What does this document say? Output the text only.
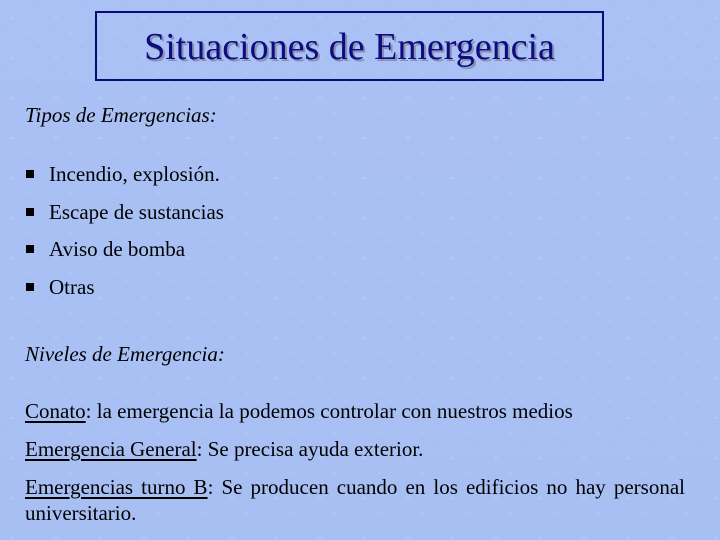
Situaciones de Emergencia
Tipos de Emergencias:
Incendio, explosión.
Escape de sustancias
Aviso de bomba
Otras
Niveles de Emergencia:
Conato: la emergencia la podemos controlar con nuestros medios
Emergencia General: Se precisa ayuda exterior.
Emergencias turno B: Se producen cuando en los edificios no hay personal universitario.
